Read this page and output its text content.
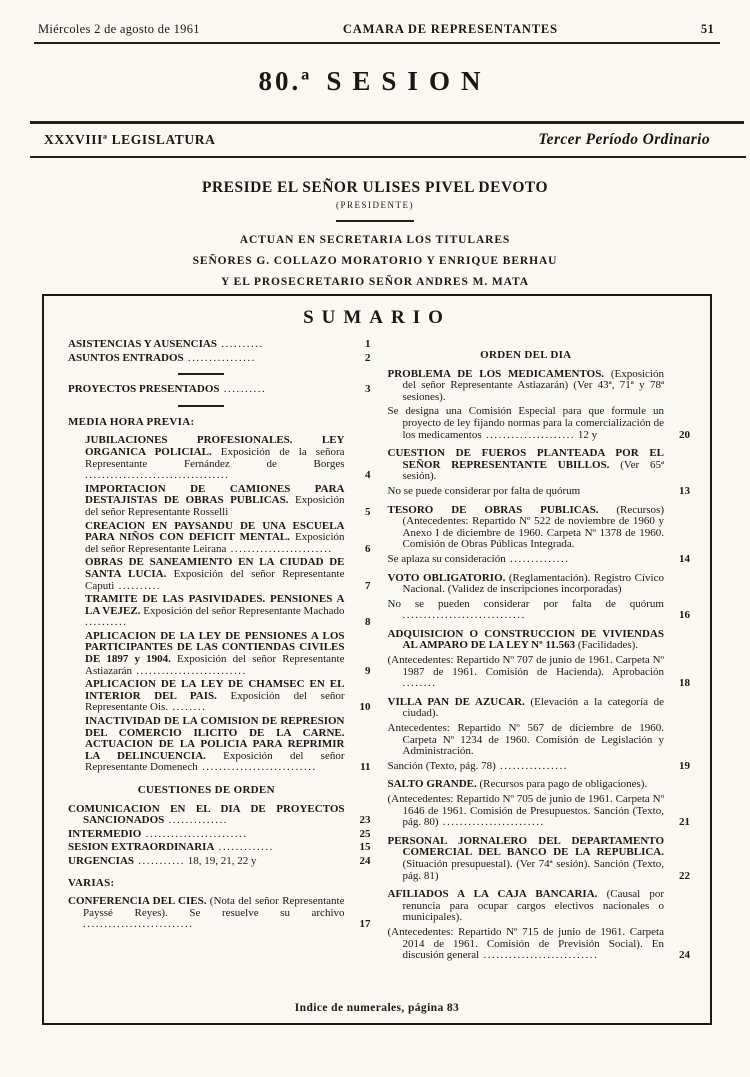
Miércoles 2 de agosto de 1961	CAMARA DE REPRESENTANTES	51
80.ª SESION
XXXVIIIª LEGISLATURA	Tercer Período Ordinario
PRESIDE EL SEÑOR ULISES PIVEL DEVOTO
(PRESIDENTE)
ACTUAN EN SECRETARIA LOS TITULARES
SEÑORES G. COLLAZO MORATORIO Y ENRIQUE BERHAU
Y EL PROSECRETARIO SEÑOR ANDRES M. MATA
SUMARIO

ASISTENCIAS Y AUSENCIAS ..........	1

ASUNTOS ENTRADOS ................	2

PROYECTOS PRESENTADOS ..........	3
MEDIA HORA PREVIA:

JUBILACIONES PROFESIONALES. LEY ORGANICA POLICIAL. Exposición de la señora Representante Fernández de Borges ..................................	4

IMPORTACION DE CAMIONES PARA DESTAJISTAS DE OBRAS PUBLICAS. Exposición del señor Representante Rosselli	5

CREACION EN PAYSANDU DE UNA ESCUELA PARA NIÑOS CON DEFICIT MENTAL. Exposición del señor Representante Leirana ........................	6

OBRAS DE SANEAMIENTO EN LA CIUDAD DE SANTA LUCIA. Exposición del señor Representante Caputi ..........	7

TRAMITE DE LAS PASIVIDADES. PENSIONES A LA VEJEZ. Exposición del señor Representante Machado ..........	8

APLICACION DE LA LEY DE PENSIONES A LOS PARTICIPANTES DE LAS CONTIENDAS CIVILES DE 1897 y 1904. Exposición del señor Representante Astiazarán ..........................	9

APLICACION DE LA LEY DE CHAMSEC EN EL INTERIOR DEL PAIS. Exposición del señor Representante Ois. ........	10

INACTIVIDAD DE LA COMISION DE REPRESION DEL COMERCIO ILICITO DE LA CARNE. ACTUACION DE LA POLICIA PARA REPRIMIR LA DELINCUENCIA. Exposición del señor Representante Domenech ...........................	11
CUESTIONES DE ORDEN

COMUNICACION EN EL DIA DE PROYECTOS SANCIONADOS ..............	23

INTERMEDIO ........................	25

SESION EXTRAORDINARIA .............	15

URGENCIAS ........... 18, 19, 21, 22 y	24
VARIAS:

CONFERENCIA DEL CIES. (Nota del señor Representante Payssé Reyes). Se resuelve su archivo ..........................	17
ORDEN DEL DIA

PROBLEMA DE LOS MEDICAMENTOS. (Exposición del señor Representante Astiazarán) (Ver 43ª, 71ª y 78ª sesiones).

Se designa una Comisión Especial para que formule un proyecto de ley fijando normas para la comercialización de los medicamentos ..................... 12 y	20

CUESTION DE FUEROS PLANTEADA POR EL SEÑOR REPRESENTANTE UBILLOS. (Ver 65ª sesión).

No se puede considerar por falta de quórum	13

TESORO DE OBRAS PUBLICAS. (Recursos) (Antecedentes: Repartido Nº 522 de noviembre de 1960 y Anexo I de diciembre de 1960. Carpeta Nº 1378 de 1960. Comisión de Obras Públicas Integrada.

Se aplaza su consideración ..............	14

VOTO OBLIGATORIO. (Reglamentación). Registro Cívico Nacional. (Validez de inscripciones incorporadas)

No se pueden considerar por falta de quórum .............................	16

ADQUISICION O CONSTRUCCION DE VIVIENDAS AL AMPARO DE LA LEY Nº 11.563 (Facilidades).

(Antecedentes: Repartido Nº 707 de junio de 1961. Carpeta Nº 1987 de 1961. Comisión de Hacienda). Aprobación ........	18

VILLA PAN DE AZUCAR. (Elevación a la categoría de ciudad).

Antecedentes: Repartido Nº 567 de diciembre de 1960. Carpeta Nº 1234 de 1960. Comisión de Legislación y Administración.

Sanción (Texto, pág. 78) ................	19

SALTO GRANDE. (Recursos para pago de obligaciones).

(Antecedentes: Repartido Nº 705 de junio de 1961. Carpeta Nº 1646 de 1961. Comisión de Presupuestos. Sanción (Texto, pág. 80) ........................	21

PERSONAL JORNALERO DEL DEPARTAMENTO COMERCIAL DEL BANCO DE LA REPUBLICA. (Situación presupuestal). (Ver 74ª sesión). Sanción (Texto, pág. 81)	22

AFILIADOS A LA CAJA BANCARIA. (Causal por renuncia para ocupar cargos electivos nacionales o municipales).

(Antecedentes: Repartido Nº 715 de junio de 1961. Carpeta 2014 de 1961. Comisión de Previsión Social). En discusión general ...........................	24
Indice de numerales, página 83
